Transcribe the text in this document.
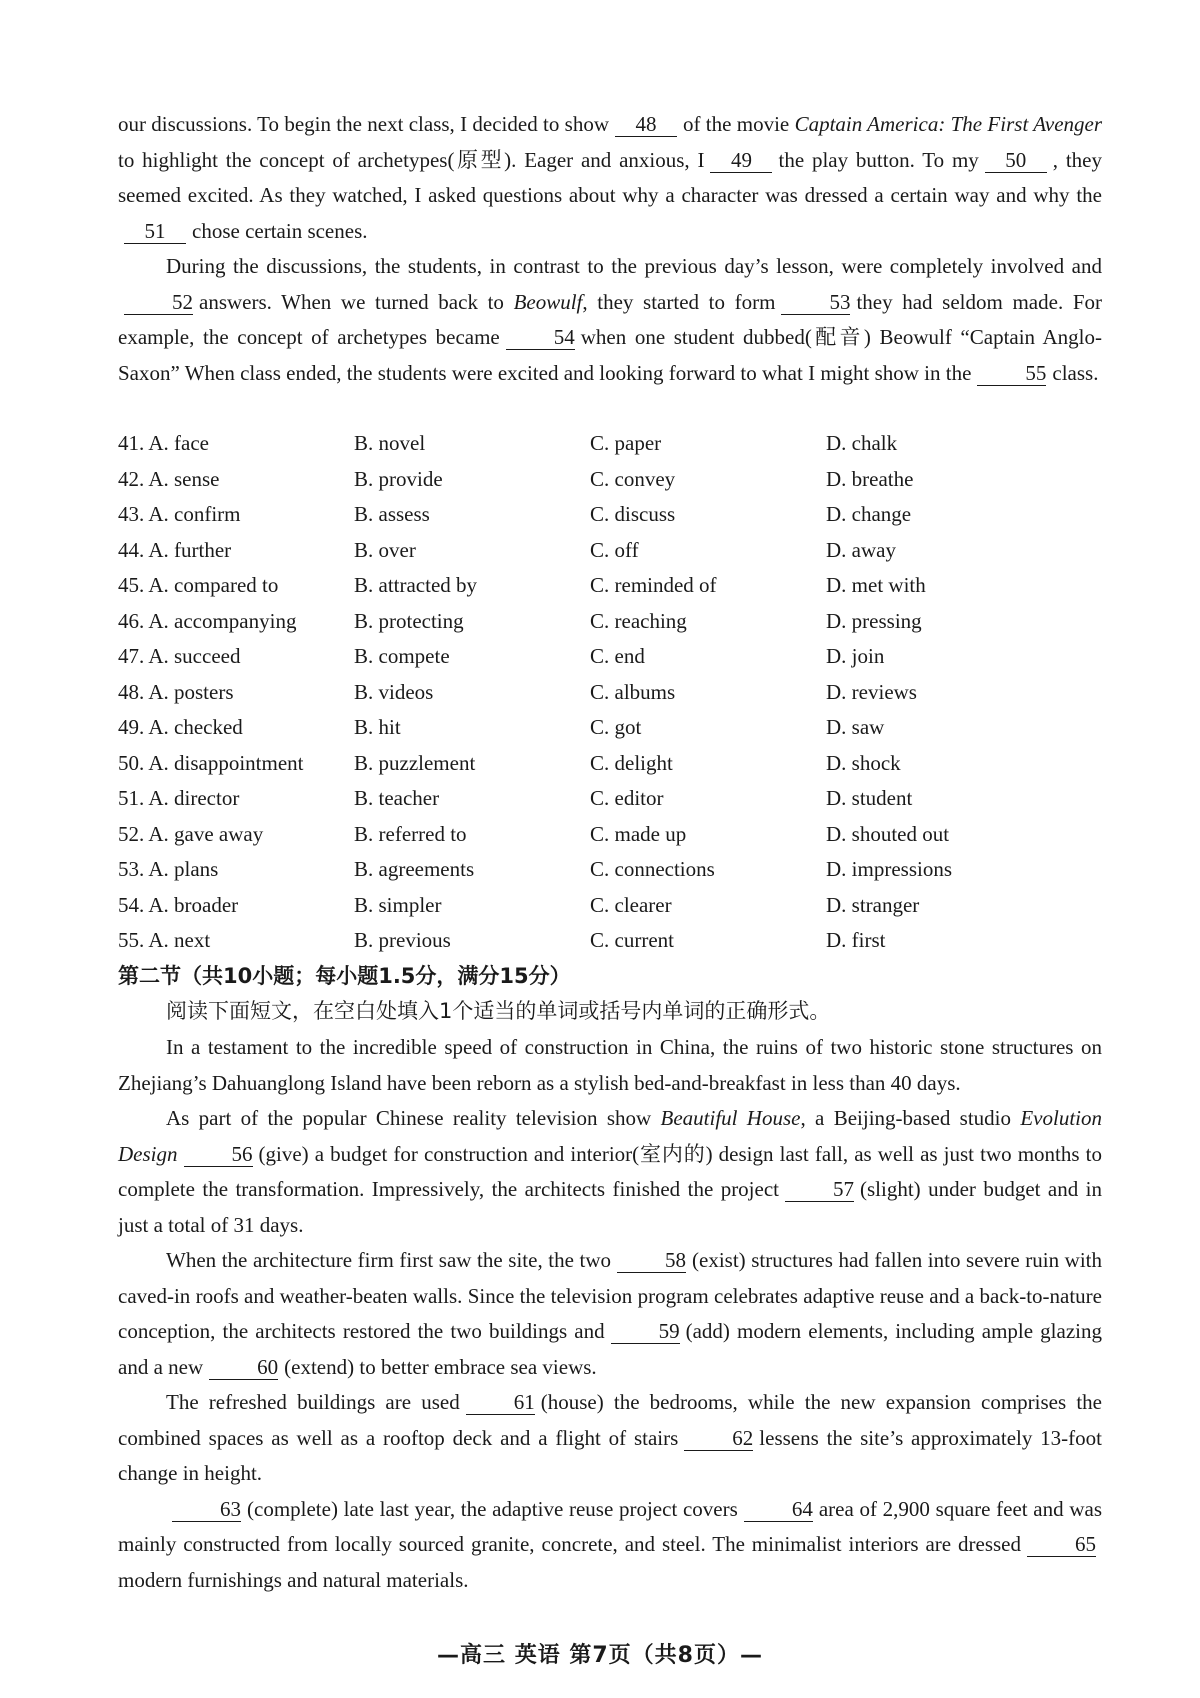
our discussions. To begin the next class, I decided to show 48 of the movie Captain America: The First Avenger to highlight the concept of archetypes(原型). Eager and anxious, I 49 the play button. To my 50 , they seemed excited. As they watched, I asked questions about why a character was dressed a certain way and why the51 chose certain scenes.

During the discussions, the students, in contrast to the previous day’s lesson, were completely involved and52 answers. When we turned back to Beowulf, they started to form	53 they had seldom made. For example, the concept of archetypes became	54 when one student dubbed(配音) Beowulf “Captain Anglo-Saxon” When class ended, the students were excited and looking forward to what I might show in the	55 class.

41. A. face	B. novel	C. paper	D. chalk
42. A. sense	B. provide	C. convey	D. breathe
43. A. confirm	B. assess	C. discuss	D. change
44. A. further	B. over	C. off	D. away
45. A. compared to	B. attracted by	C. reminded of	D. met with
46. A. accompanying	B. protecting	C. reaching	D. pressing
47. A. succeed	B. compete	C. end	D. join
48. A. posters	B. videos	C. albums	D. reviews
49. A. checked	B. hit	C. got	D. saw
50. A. disappointment	B. puzzlement	C. delight	D. shock
51. A. director	B. teacher	C. editor	D. student
52. A. gave away	B. referred to	C. made up	D. shouted out
53. A. plans	B. agreements	C. connections	D. impressions
54. A. broader	B. simpler	C. clearer	D. stranger
55. A. next	B. previous	C. current	D. first
第二节（共10小题；每小题1.5分，满分15分）
阅读下面短文，在空白处填入1个适当的单词或括号内单词的正确形式。

In a testament to the incredible speed of construction in China, the ruins of two historic stone structures on Zhejiang’s Dahuanglong Island have been reborn as a stylish bed-and-breakfast in less than 40 days.

As part of the popular Chinese reality television show Beautiful House, a Beijing-based studio Evolution Design	56 (give) a budget for construction and interior(室内的) design last fall, as well as just two months to complete the transformation. Impressively, the architects finished the project	57 (slight) under budget and in just a total of 31 days.

When the architecture firm first saw the site, the two	58 (exist) structures had fallen into severe ruin with caved-in roofs and weather-beaten walls. Since the television program celebrates adaptive reuse and a back-to-nature conception, the architects restored the two buildings and	59 (add) modern elements, including ample glazing and a new	60 (extend) to better embrace sea views.

The refreshed buildings are used	61 (house) the bedrooms, while the new expansion comprises the combined spaces as well as a rooftop deck and a flight of stairs	62 lessens the site’s approximately 13-foot change in height.

63 (complete) late last year, the adaptive reuse project covers	64 area of 2,900 square feet and was mainly constructed from locally sourced granite, concrete, and steel. The minimalist interiors are dressed	65modern furnishings and natural materials.

—高三 英语 第7页（共8页）—
